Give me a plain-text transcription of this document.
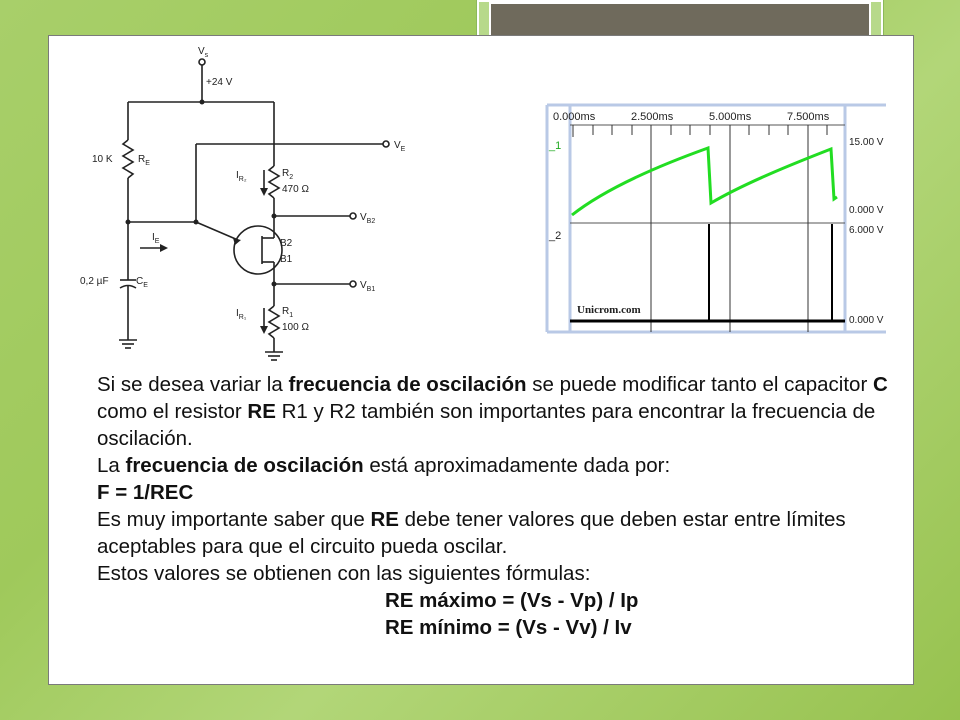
$V_s$
+24 V
10 K	$R_E$
$I_{R_2}$
$R_2$
470 Ω
$V_E$
$V_{B2}$
$I_E$	B2
B1
0,2 µF	$C_E$	$V_{B1}$
$I_{R_1}$
$R_1$
100 Ω
0.000ms	2.500ms	5.000ms	7.500ms
_1
_2
15.00 V
0.000 V
6.000 V
0.000 V
Unicrom.com

Si se desea variar la frecuencia de oscilación se puede modificar tanto el capacitor C como el resistor RE R1 y R2 también son importantes para encontrar la frecuencia de oscilación.

La frecuencia de oscilación está aproximadamente dada por:

F = 1/REC

Es muy importante saber que RE debe tener valores que deben estar entre límites aceptables para que el circuito pueda oscilar.

Estos valores se obtienen con las siguientes fórmulas:

RE máximo = (Vs - Vp) / Ip

RE mínimo = (Vs - Vv) / Iv
